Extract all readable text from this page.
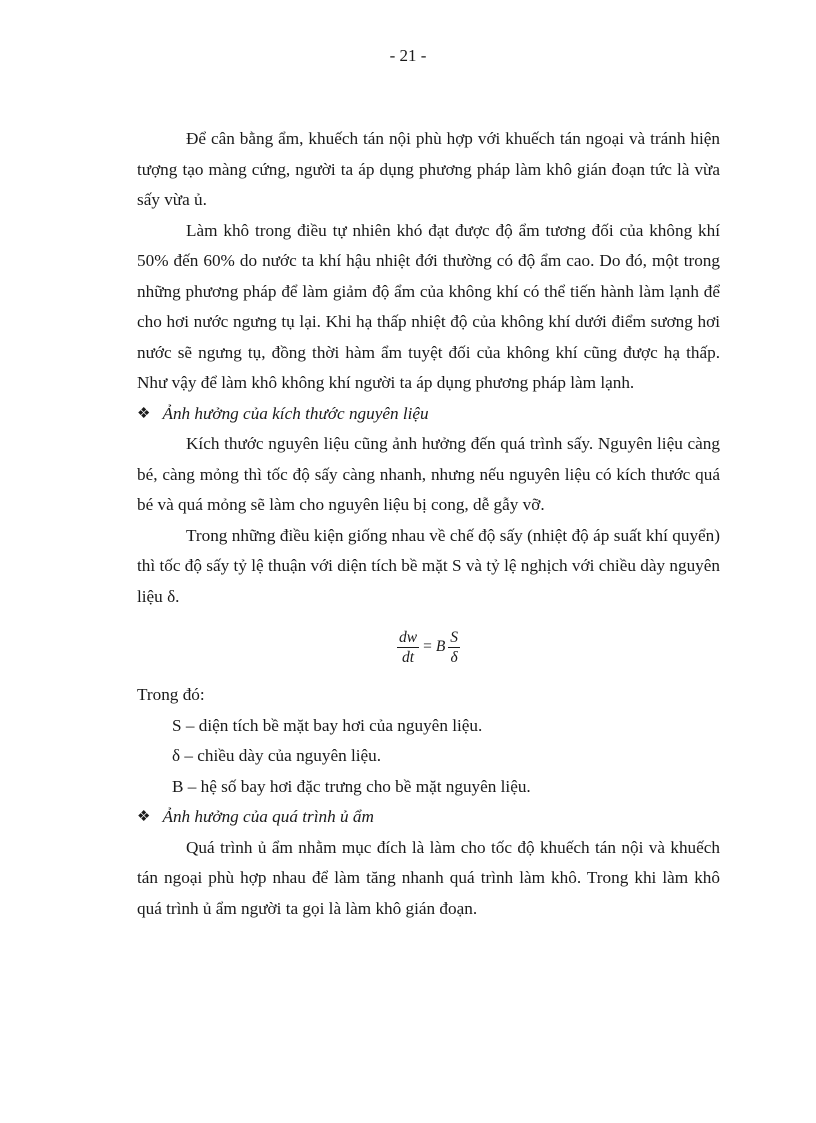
- 21 -

Để cân bằng ẩm, khuếch tán nội phù hợp với khuếch tán ngoại và tránh hiện tượng tạo màng cứng, người ta áp dụng phương pháp làm khô gián đoạn tức là vừa sấy vừa ủ.

Làm khô trong điều tự nhiên khó đạt được độ ẩm tương đối của không khí 50% đến 60% do nước ta khí hậu nhiệt đới thường có độ ẩm cao. Do đó, một trong những phương pháp để làm giảm độ ẩm của không khí có thể tiến hành làm lạnh để cho hơi nước ngưng tụ lại. Khi hạ thấp nhiệt độ của không khí dưới điểm sương hơi nước sẽ ngưng tụ, đồng thời hàm ẩm tuyệt đối của không khí cũng được hạ thấp. Như vậy để làm khô không khí người ta áp dụng phương pháp làm lạnh.

❖ Ảnh hưởng của kích thước nguyên liệu

Kích thước nguyên liệu cũng ảnh hưởng đến quá trình sấy. Nguyên liệu càng bé, càng mỏng thì tốc độ sấy càng nhanh, nhưng nếu nguyên liệu có kích thước quá bé và quá mỏng sẽ làm cho nguyên liệu bị cong, dễ gẫy vỡ.

Trong những điều kiện giống nhau về chế độ sấy (nhiệt độ áp suất khí quyển) thì tốc độ sấy tỷ lệ thuận với diện tích bề mặt S và tỷ lệ nghịch với chiều dày nguyên liệu δ.

$\frac{dw}{dt} = B \frac{S}{\delta}$

Trong đó:

S – diện tích bề mặt bay hơi của nguyên liệu.

δ – chiều dày của nguyên liệu.

B – hệ số bay hơi đặc trưng cho bề mặt nguyên liệu.

❖ Ảnh hưởng của quá trình ủ ẩm

Quá trình ủ ẩm nhằm mục đích là làm cho tốc độ khuếch tán nội và khuếch tán ngoại phù hợp nhau để làm tăng nhanh quá trình làm khô. Trong khi làm khô quá trình ủ ẩm người ta gọi là làm khô gián đoạn.
